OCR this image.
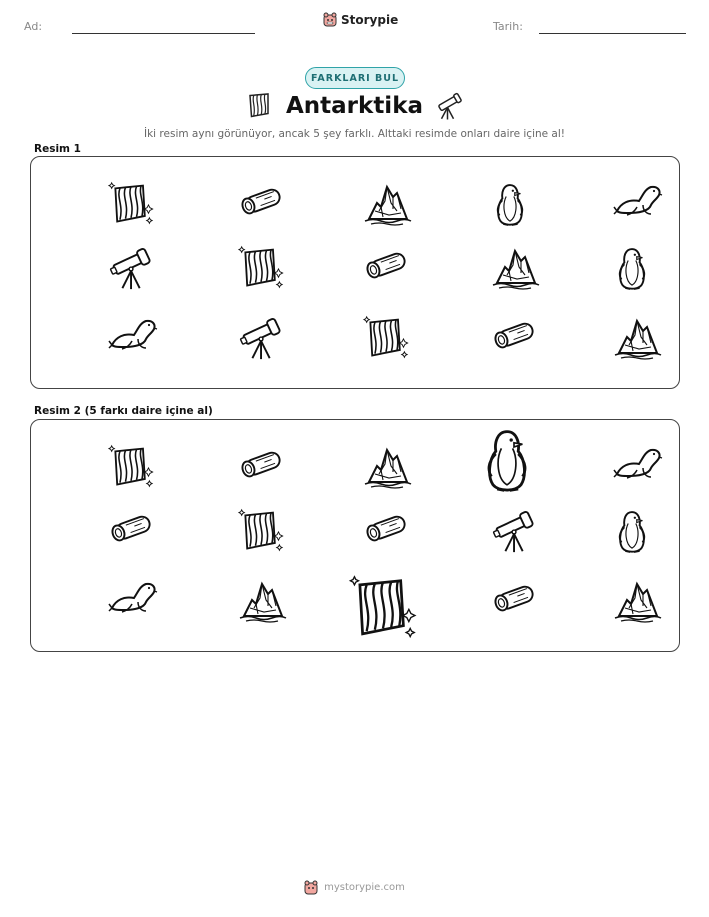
Ad:	Storypie	Tarih:
FARKLARI BUL
Antarktika
İki resim aynı görünüyor, ancak 5 şey farklı. Alttaki resimde onları daire içine al!
Resim 1
Resim 2 (5 farkı daire içine al)
mystorypie.com
